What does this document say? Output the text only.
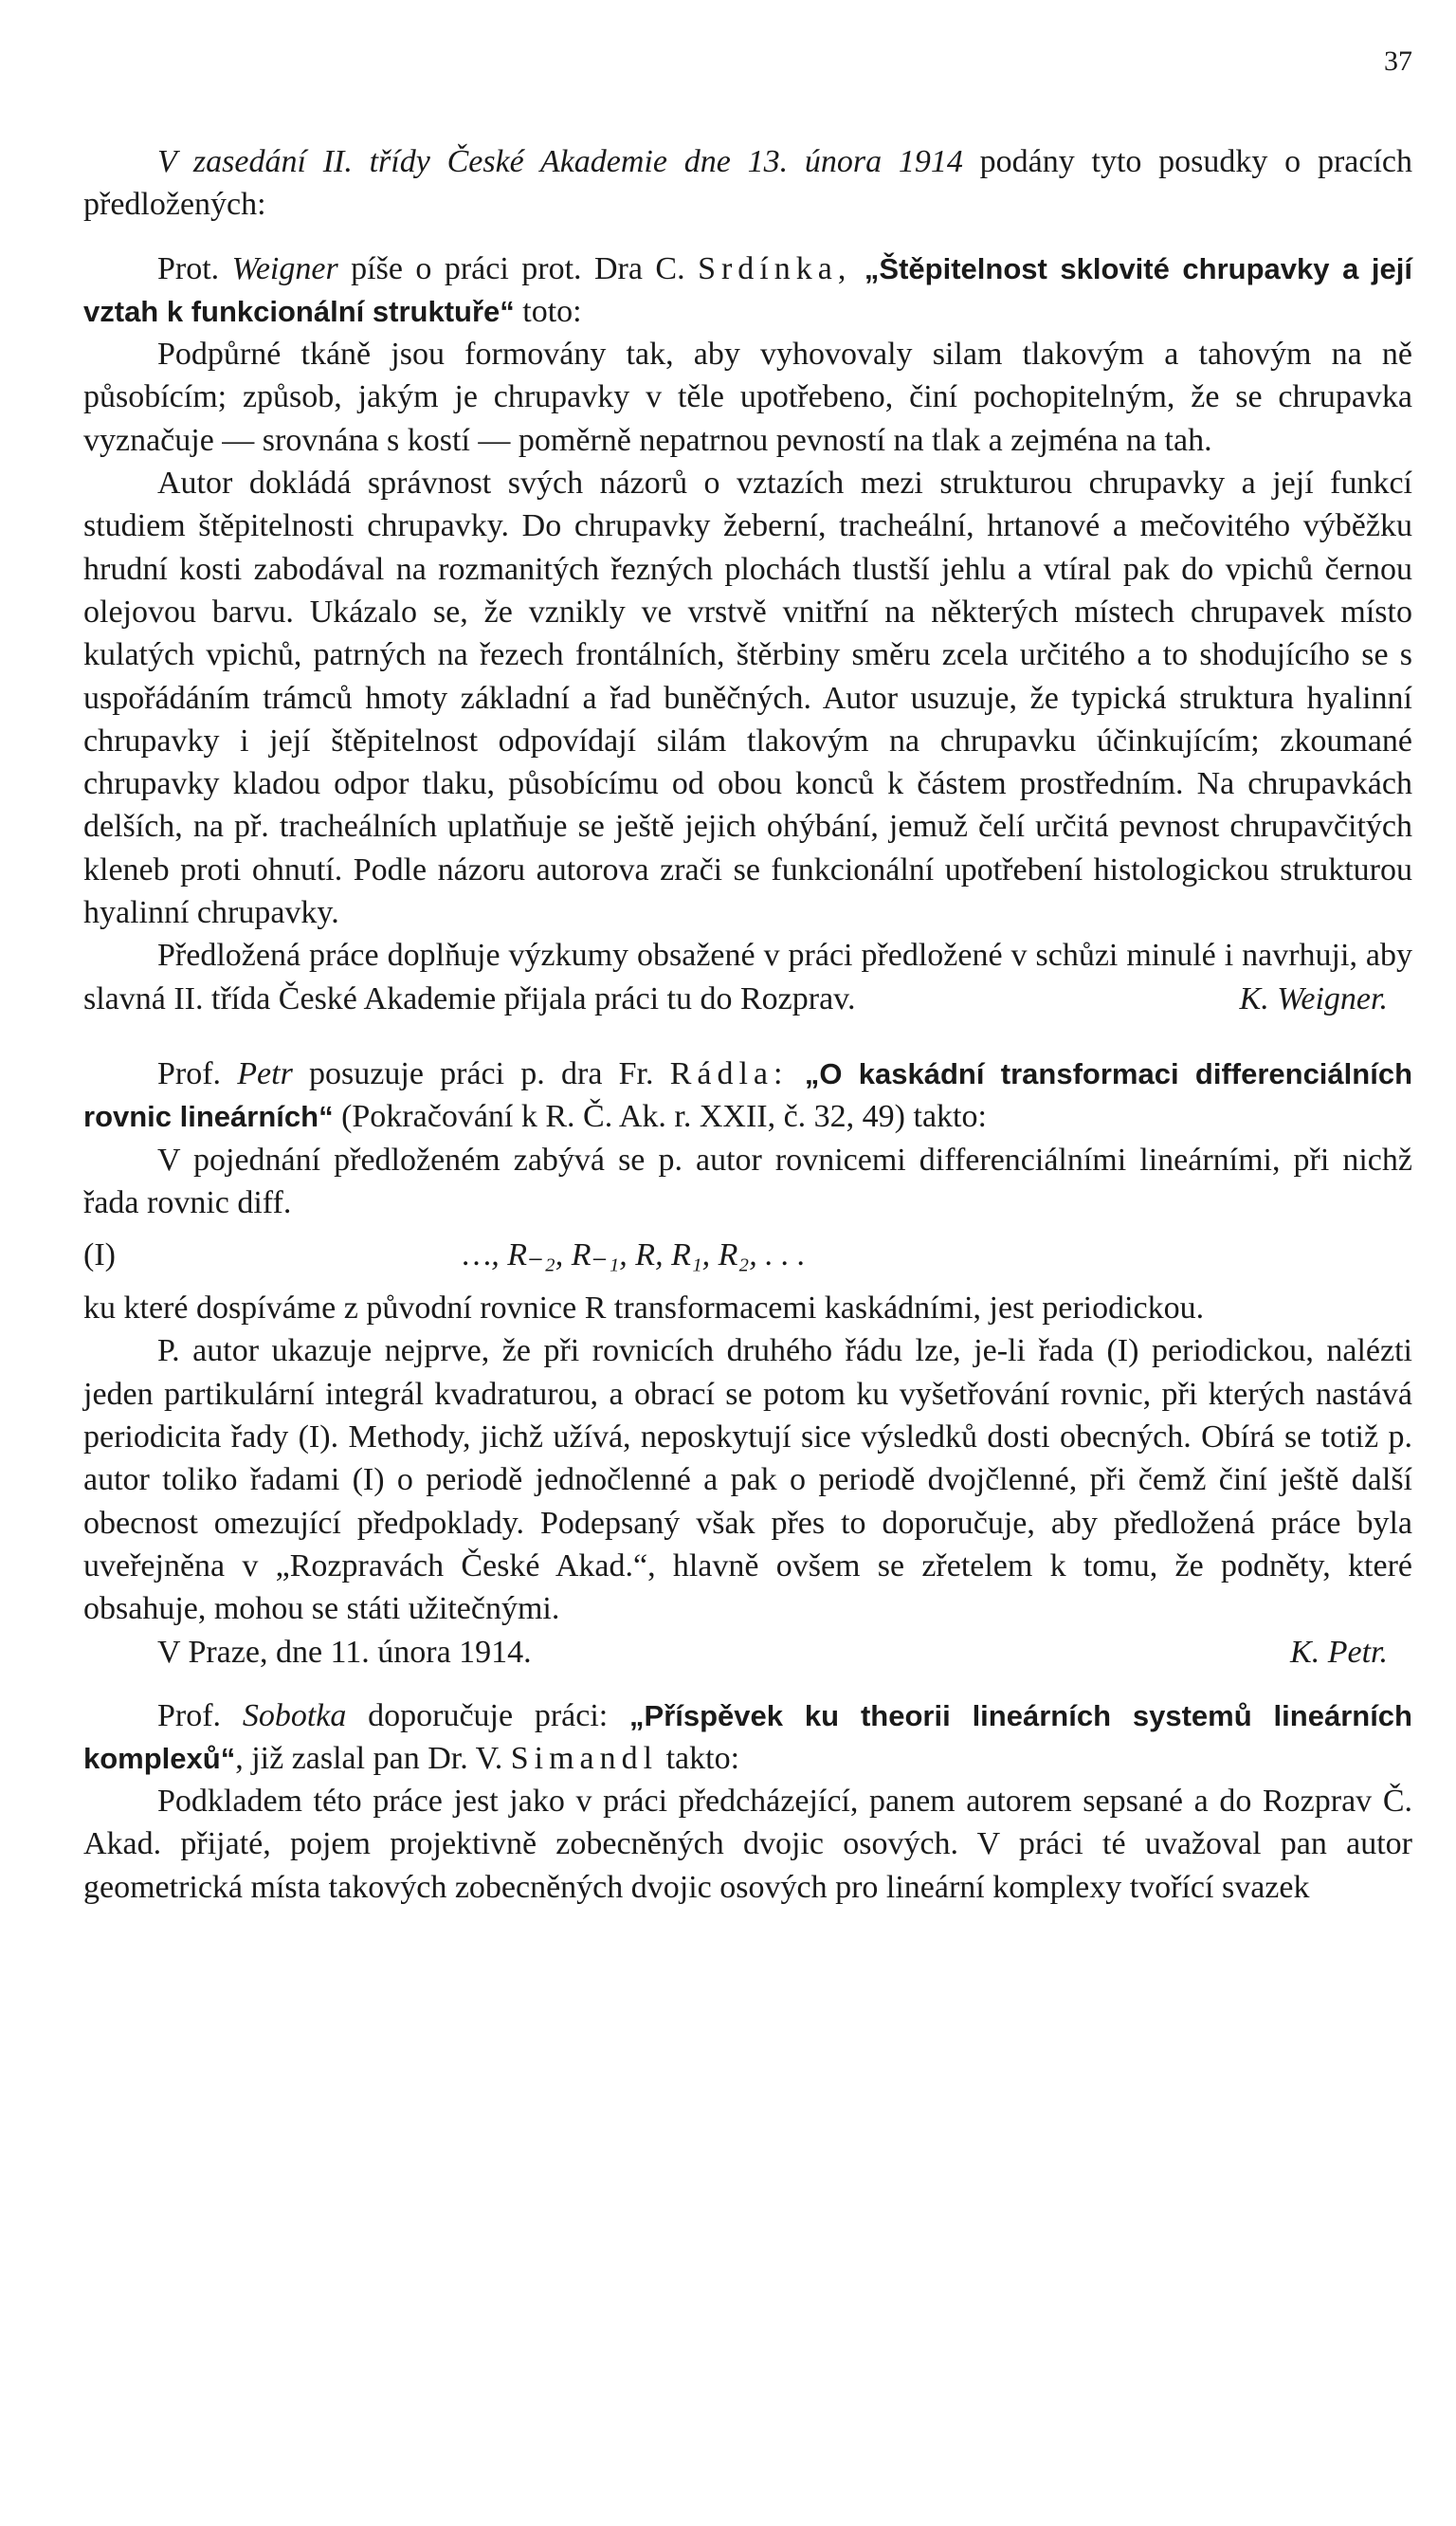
37

V zasedání II. třídy České Akademie dne 13. února 1914 podány tyto posudky o pracích předložených:

Prot. Weigner píše o práci prot. Dra C. Srdínka, „Štěpitelnost sklovité chrupavky a její vztah k funkcionální struktuře“ toto:

Podpůrné tkáně jsou formovány tak, aby vyhovovaly silam tlakovým a tahovým na ně působícím; způsob, jakým je chrupavky v těle upotřebeno, činí pochopitelným, že se chrupavka vyznačuje — srovnána s kostí — poměrně nepatrnou pevností na tlak a zejména na tah.

Autor dokládá správnost svých názorů o vztazích mezi strukturou chrupavky a její funkcí studiem štěpitelnosti chrupavky. Do chrupavky žeberní, tracheální, hrtanové a mečovitého výběžku hrudní kosti zabodával na rozmanitých řezných plochách tlustší jehlu a vtíral pak do vpichů černou olejovou barvu. Ukázalo se, že vznikly ve vrstvě vnitřní na některých místech chrupavek místo kulatých vpichů, patrných na řezech frontálních, štěrbiny směru zcela určitého a to shodujícího se s uspořádáním trámců hmoty základní a řad buněčných. Autor usuzuje, že typická struktura hyalinní chrupavky i její štěpitelnost odpovídají silám tlakovým na chrupavku účinkujícím; zkoumané chrupavky kladou odpor tlaku, působícímu od obou konců k částem prostředním. Na chrupavkách delších, na př. tracheálních uplatňuje se ještě jejich ohýbání, jemuž čelí určitá pevnost chrupavčitých kleneb proti ohnutí. Podle názoru autorova zrači se funkcionální upotřebení histologickou strukturou hyalinní chrupavky.

Předložená práce doplňuje výzkumy obsažené v práci předložené v schůzi minulé i navrhuji, aby slavná II. třída České Akademie přijala práci tu do Rozprav.	K. Weigner.

Prof. Petr posuzuje práci p. dra Fr. Rádla: „O kaskádní transformaci differenciálních rovnic lineárních“ (Pokračování k R. Č. Ak. r. XXII, č. 32, 49) takto:

V pojednání předloženém zabývá se p. autor rovnicemi differenciálními lineárními, při nichž řada rovnic diff.

(I)	…, R₋₂, R₋₁, R, R₁, R₂, . . .

ku které dospíváme z původní rovnice R transformacemi kaskádními, jest periodickou.

P. autor ukazuje nejprve, že při rovnicích druhého řádu lze, je-li řada (I) periodickou, nalézti jeden partikulární integrál kvadraturou, a obrací se potom ku vyšetřování rovnic, při kterých nastává periodicita řady (I). Methody, jichž užívá, neposkytují sice výsledků dosti obecných. Obírá se totiž p. autor toliko řadami (I) o periodě jednočlenné a pak o periodě dvojčlenné, při čemž činí ještě další obecnost omezující předpoklady. Podepsaný však přes to doporučuje, aby předložená práce byla uveřejněna v „Rozpravách České Akad.“, hlavně ovšem se zřetelem k tomu, že podněty, které obsahuje, mohou se státi užitečnými.

V Praze, dne 11. února 1914.	K. Petr.

Prof. Sobotka doporučuje práci: „Příspěvek ku theorii lineárních systemů lineárních komplexů“, již zaslal pan Dr. V. Simandl takto:

Podkladem této práce jest jako v práci předcházející, panem autorem sepsané a do Rozprav Č. Akad. přijaté, pojem projektivně zobecněných dvojic osových. V práci té uvažoval pan autor geometrická místa takových zobecněných dvojic osových pro lineární komplexy tvořící svazek
